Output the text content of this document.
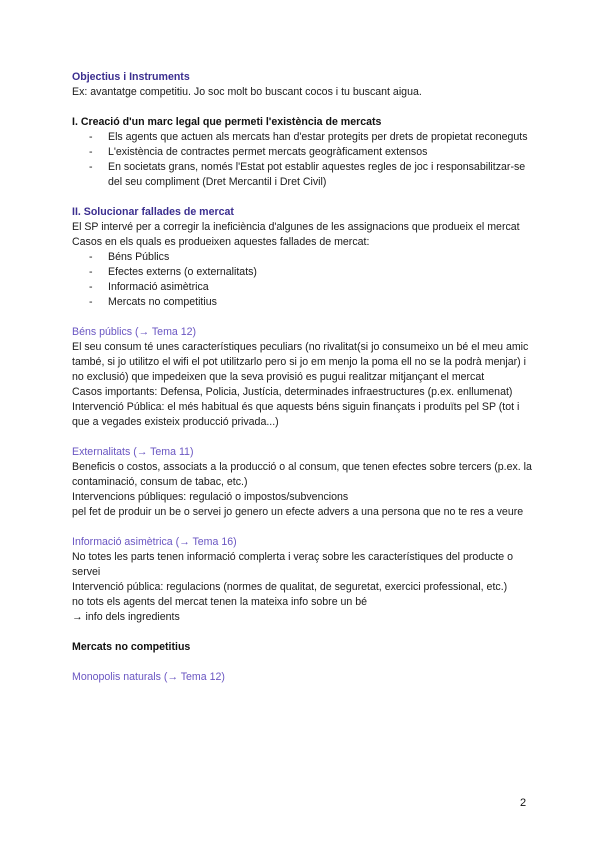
Objectius i Instruments

Ex: avantatge competitiu. Jo soc molt bo buscant cocos i tu buscant aigua.

I. Creació d'un marc legal que permeti l'existència de mercats

- Els agents que actuen als mercats han d'estar protegits per drets de propietat reconeguts
- L'existència de contractes permet mercats geogràficament extensos
- En societats grans, només l'Estat pot establir aquestes regles de joc i responsabilitzar-se del seu compliment (Dret Mercantil i Dret Civil)

II. Solucionar fallades de mercat

El SP intervé per a corregir la ineficiència d'algunes de les assignacions que produeix el mercat

Casos en els quals es produeixen aquestes fallades de mercat:

- Béns Públics
- Efectes externs (o externalitats)
- Informació asimètrica
- Mercats no competitius

Béns públics (→ Tema 12)

El seu consum té unes característiques peculiars (no rivalitat(si jo consumeixo un bé el meu amic també, si jo utilitzo el wifi el pot utilitzarlo pero si jo em menjo la poma ell no se la podrà menjar) i no exclusió) que impedeixen que la seva provisió es pugui realitzar mitjançant el mercat

Casos importants: Defensa, Policia, Justícia, determinades infraestructures (p.ex. enllumenat)

Intervenció Pública: el més habitual és que aquests béns siguin finançats i produïts pel SP (tot i que a vegades existeix producció privada...)

Externalitats (→ Tema 11)

Beneficis o costos, associats a la producció o al consum, que tenen efectes sobre tercers (p.ex. la contaminació, consum de tabac, etc.)

Intervencions públiques: regulació o impostos/subvencions

pel fet de produir un be o servei jo genero un efecte advers a una persona que no te res a veure

Informació asimètrica (→ Tema 16)

No totes les parts tenen informació complerta i veraç sobre les característiques del producte o servei

Intervenció pública: regulacions (normes de qualitat, de seguretat, exercici professional, etc.)

no tots els agents del mercat tenen la mateixa info sobre un bé

→ info dels ingredients

Mercats no competitius

Monopolis naturals (→ Tema 12)

2
